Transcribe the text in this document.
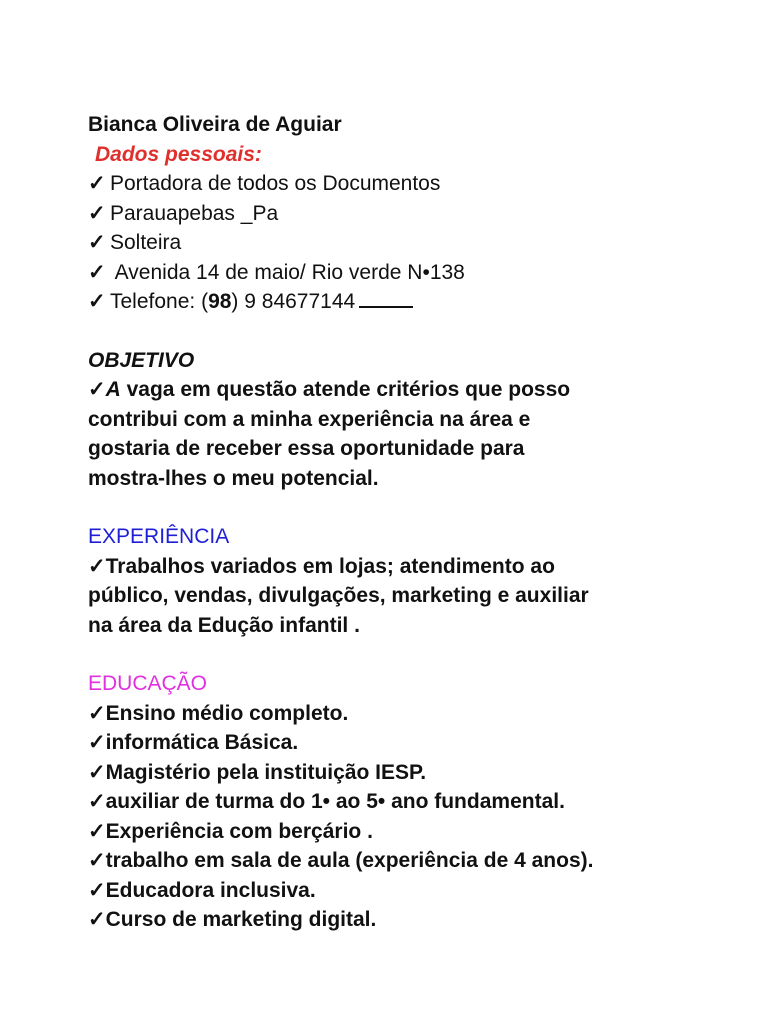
Bianca Oliveira de Aguiar
Dados pessoais:
✓ Portadora de todos os Documentos
✓ Parauapebas _Pa
✓ Solteira
✓ Avenida 14 de maio/ Rio verde N•138
✓ Telefone: (98) 9 84677144
OBJETIVO
✓A vaga em questão atende critérios que posso
contribui com a minha experiência na área e
gostaria de receber essa oportunidade para
mostra-lhes o meu potencial.
EXPERIÊNCIA
✓Trabalhos variados em lojas; atendimento ao
público, vendas, divulgações, marketing e auxiliar
na área da Edução infantil .
EDUCAÇÃO
✓Ensino médio completo.
✓informática Básica.
✓Magistério pela instituição IESP.
✓auxiliar de turma do 1• ao 5• ano fundamental.
✓Experiência com berçário .
✓trabalho em sala de aula (experiência de 4 anos).
✓Educadora inclusiva.
✓Curso de marketing digital.
